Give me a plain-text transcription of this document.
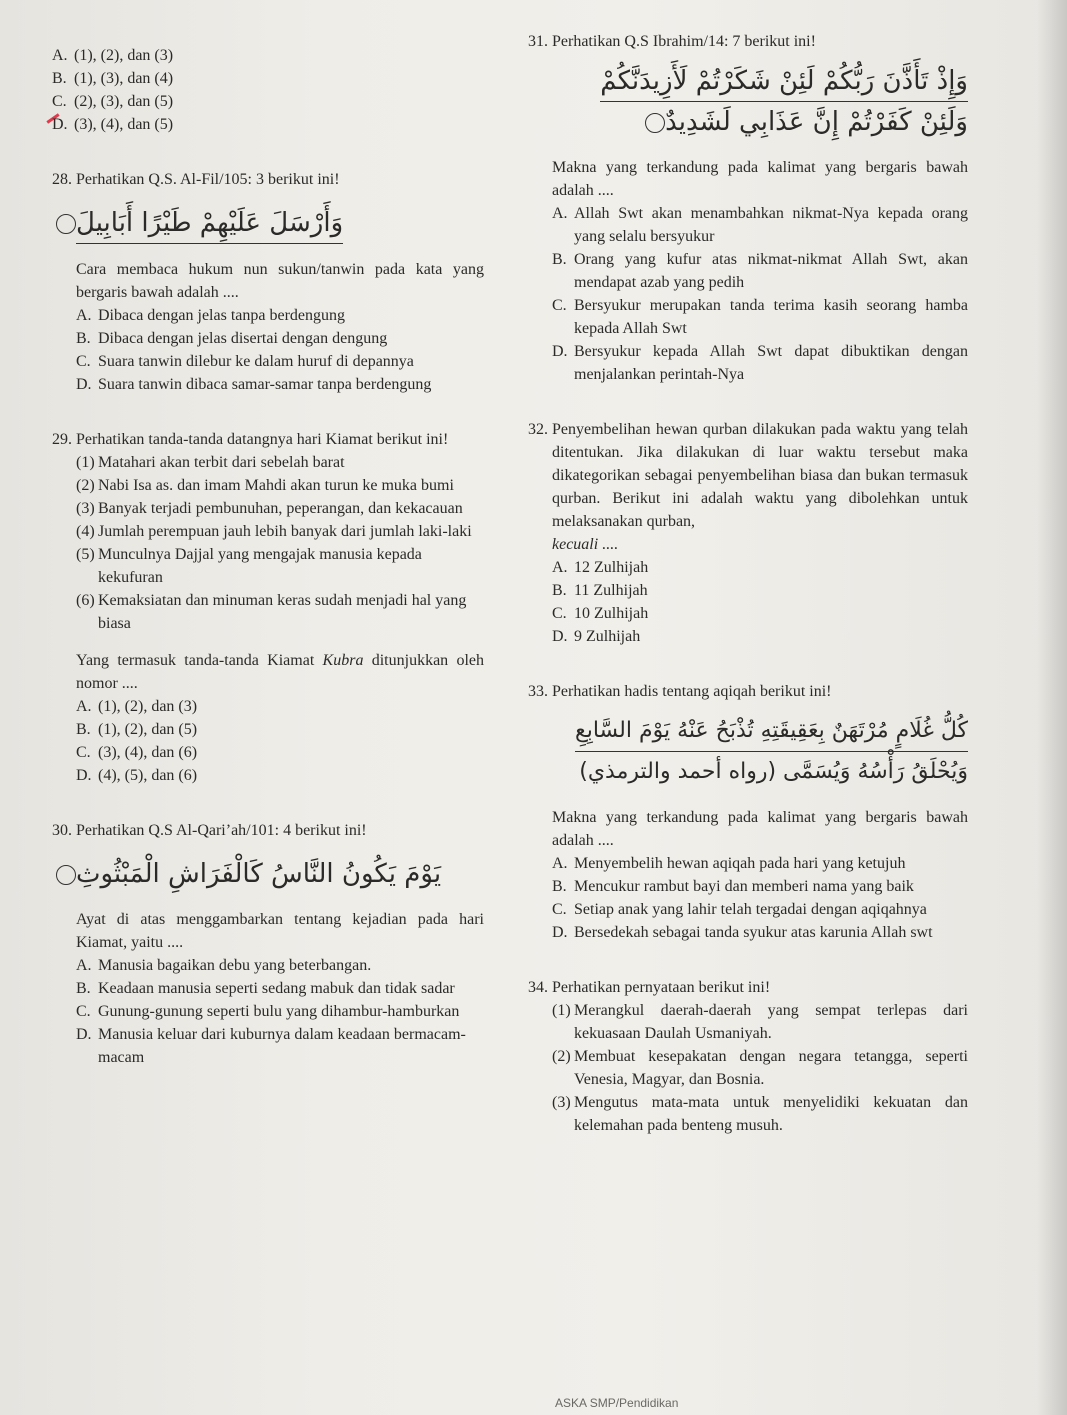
A. (1), (2), dan (3)
B. (1), (3), dan (4)
C. (2), (3), dan (5)
D. (3), (4), dan (5)
28. Perhatikan Q.S. Al-Fil/105: 3 berikut ini!
وَأَرْسَلَ عَلَيْهِمْ طَيْرًا أَبَابِيلَ
Cara membaca hukum nun sukun/tanwin pada kata yang bergaris bawah adalah ....
A. Dibaca dengan jelas tanpa berdengung
B. Dibaca dengan jelas disertai dengan dengung
C. Suara tanwin dilebur ke dalam huruf di depannya
D. Suara tanwin dibaca samar-samar tanpa berdengung
29. Perhatikan tanda-tanda datangnya hari Kiamat berikut ini!
(1) Matahari akan terbit dari sebelah barat
(2) Nabi Isa as. dan imam Mahdi akan turun ke muka bumi
(3) Banyak terjadi pembunuhan, peperangan, dan kekacauan
(4) Jumlah perempuan jauh lebih banyak dari jumlah laki-laki
(5) Munculnya Dajjal yang mengajak manusia kepada kekufuran
(6) Kemaksiatan dan minuman keras sudah menjadi hal yang biasa
Yang termasuk tanda-tanda Kiamat Kubra ditunjukkan oleh nomor ....
A. (1), (2), dan (3)
B. (1), (2), dan (5)
C. (3), (4), dan (6)
D. (4), (5), dan (6)
30. Perhatikan Q.S Al-Qari’ah/101: 4 berikut ini!
يَوْمَ يَكُونُ النَّاسُ كَالْفَرَاشِ الْمَبْثُوثِ
Ayat di atas menggambarkan tentang kejadian pada hari Kiamat, yaitu ....
A. Manusia bagaikan debu yang beterbangan.
B. Keadaan manusia seperti sedang mabuk dan tidak sadar
C. Gunung-gunung seperti bulu yang dihambur-hamburkan
D. Manusia keluar dari kuburnya dalam keadaan bermacam-macam
31. Perhatikan Q.S Ibrahim/14: 7 berikut ini!
وَإِذْ تَأَذَّنَ رَبُّكُمْ لَئِنْ شَكَرْتُمْ لَأَزِيدَنَّكُمْ
وَلَئِنْ كَفَرْتُمْ إِنَّ عَذَابِي لَشَدِيدٌ
Makna yang terkandung pada kalimat yang bergaris bawah adalah ....
A. Allah Swt akan menambahkan nikmat-Nya kepada orang yang selalu bersyukur
B. Orang yang kufur atas nikmat-nikmat Allah Swt, akan mendapat azab yang pedih
C. Bersyukur merupakan tanda terima kasih seorang hamba kepada Allah Swt
D. Bersyukur kepada Allah Swt dapat dibuktikan dengan menjalankan perintah-Nya
32. Penyembelihan hewan qurban dilakukan pada waktu yang telah ditentukan. Jika dilakukan di luar waktu tersebut maka dikategorikan sebagai penyembelihan biasa dan bukan termasuk qurban. Berikut ini adalah waktu yang dibolehkan untuk melaksanakan qurban,
kecuali ....
A. 12 Zulhijah
B. 11 Zulhijah
C. 10 Zulhijah
D. 9 Zulhijah
33. Perhatikan hadis tentang aqiqah berikut ini!
كُلُّ غُلَامٍ مُرْتَهَنٌ بِعَقِيقَتِهِ تُذْبَحُ عَنْهُ يَوْمَ السَّابِعِ
وَيُحْلَقُ رَأْسُهُ وَيُسَمَّى (رواه أحمد والترمذي)
Makna yang terkandung pada kalimat yang bergaris bawah adalah ....
A. Menyembelih hewan aqiqah pada hari yang ketujuh
B. Mencukur rambut bayi dan memberi nama yang baik
C. Setiap anak yang lahir telah tergadai dengan aqiqahnya
D. Bersedekah sebagai tanda syukur atas karunia Allah swt
34. Perhatikan pernyataan berikut ini!
(1) Merangkul daerah-daerah yang sempat terlepas dari kekuasaan Daulah Usmaniyah.
(2) Membuat kesepakatan dengan negara tetangga, seperti Venesia, Magyar, dan Bosnia.
(3) Mengutus mata-mata untuk menyelidiki kekuatan dan kelemahan pada benteng musuh.
ASKA SMP/Pendidikan
